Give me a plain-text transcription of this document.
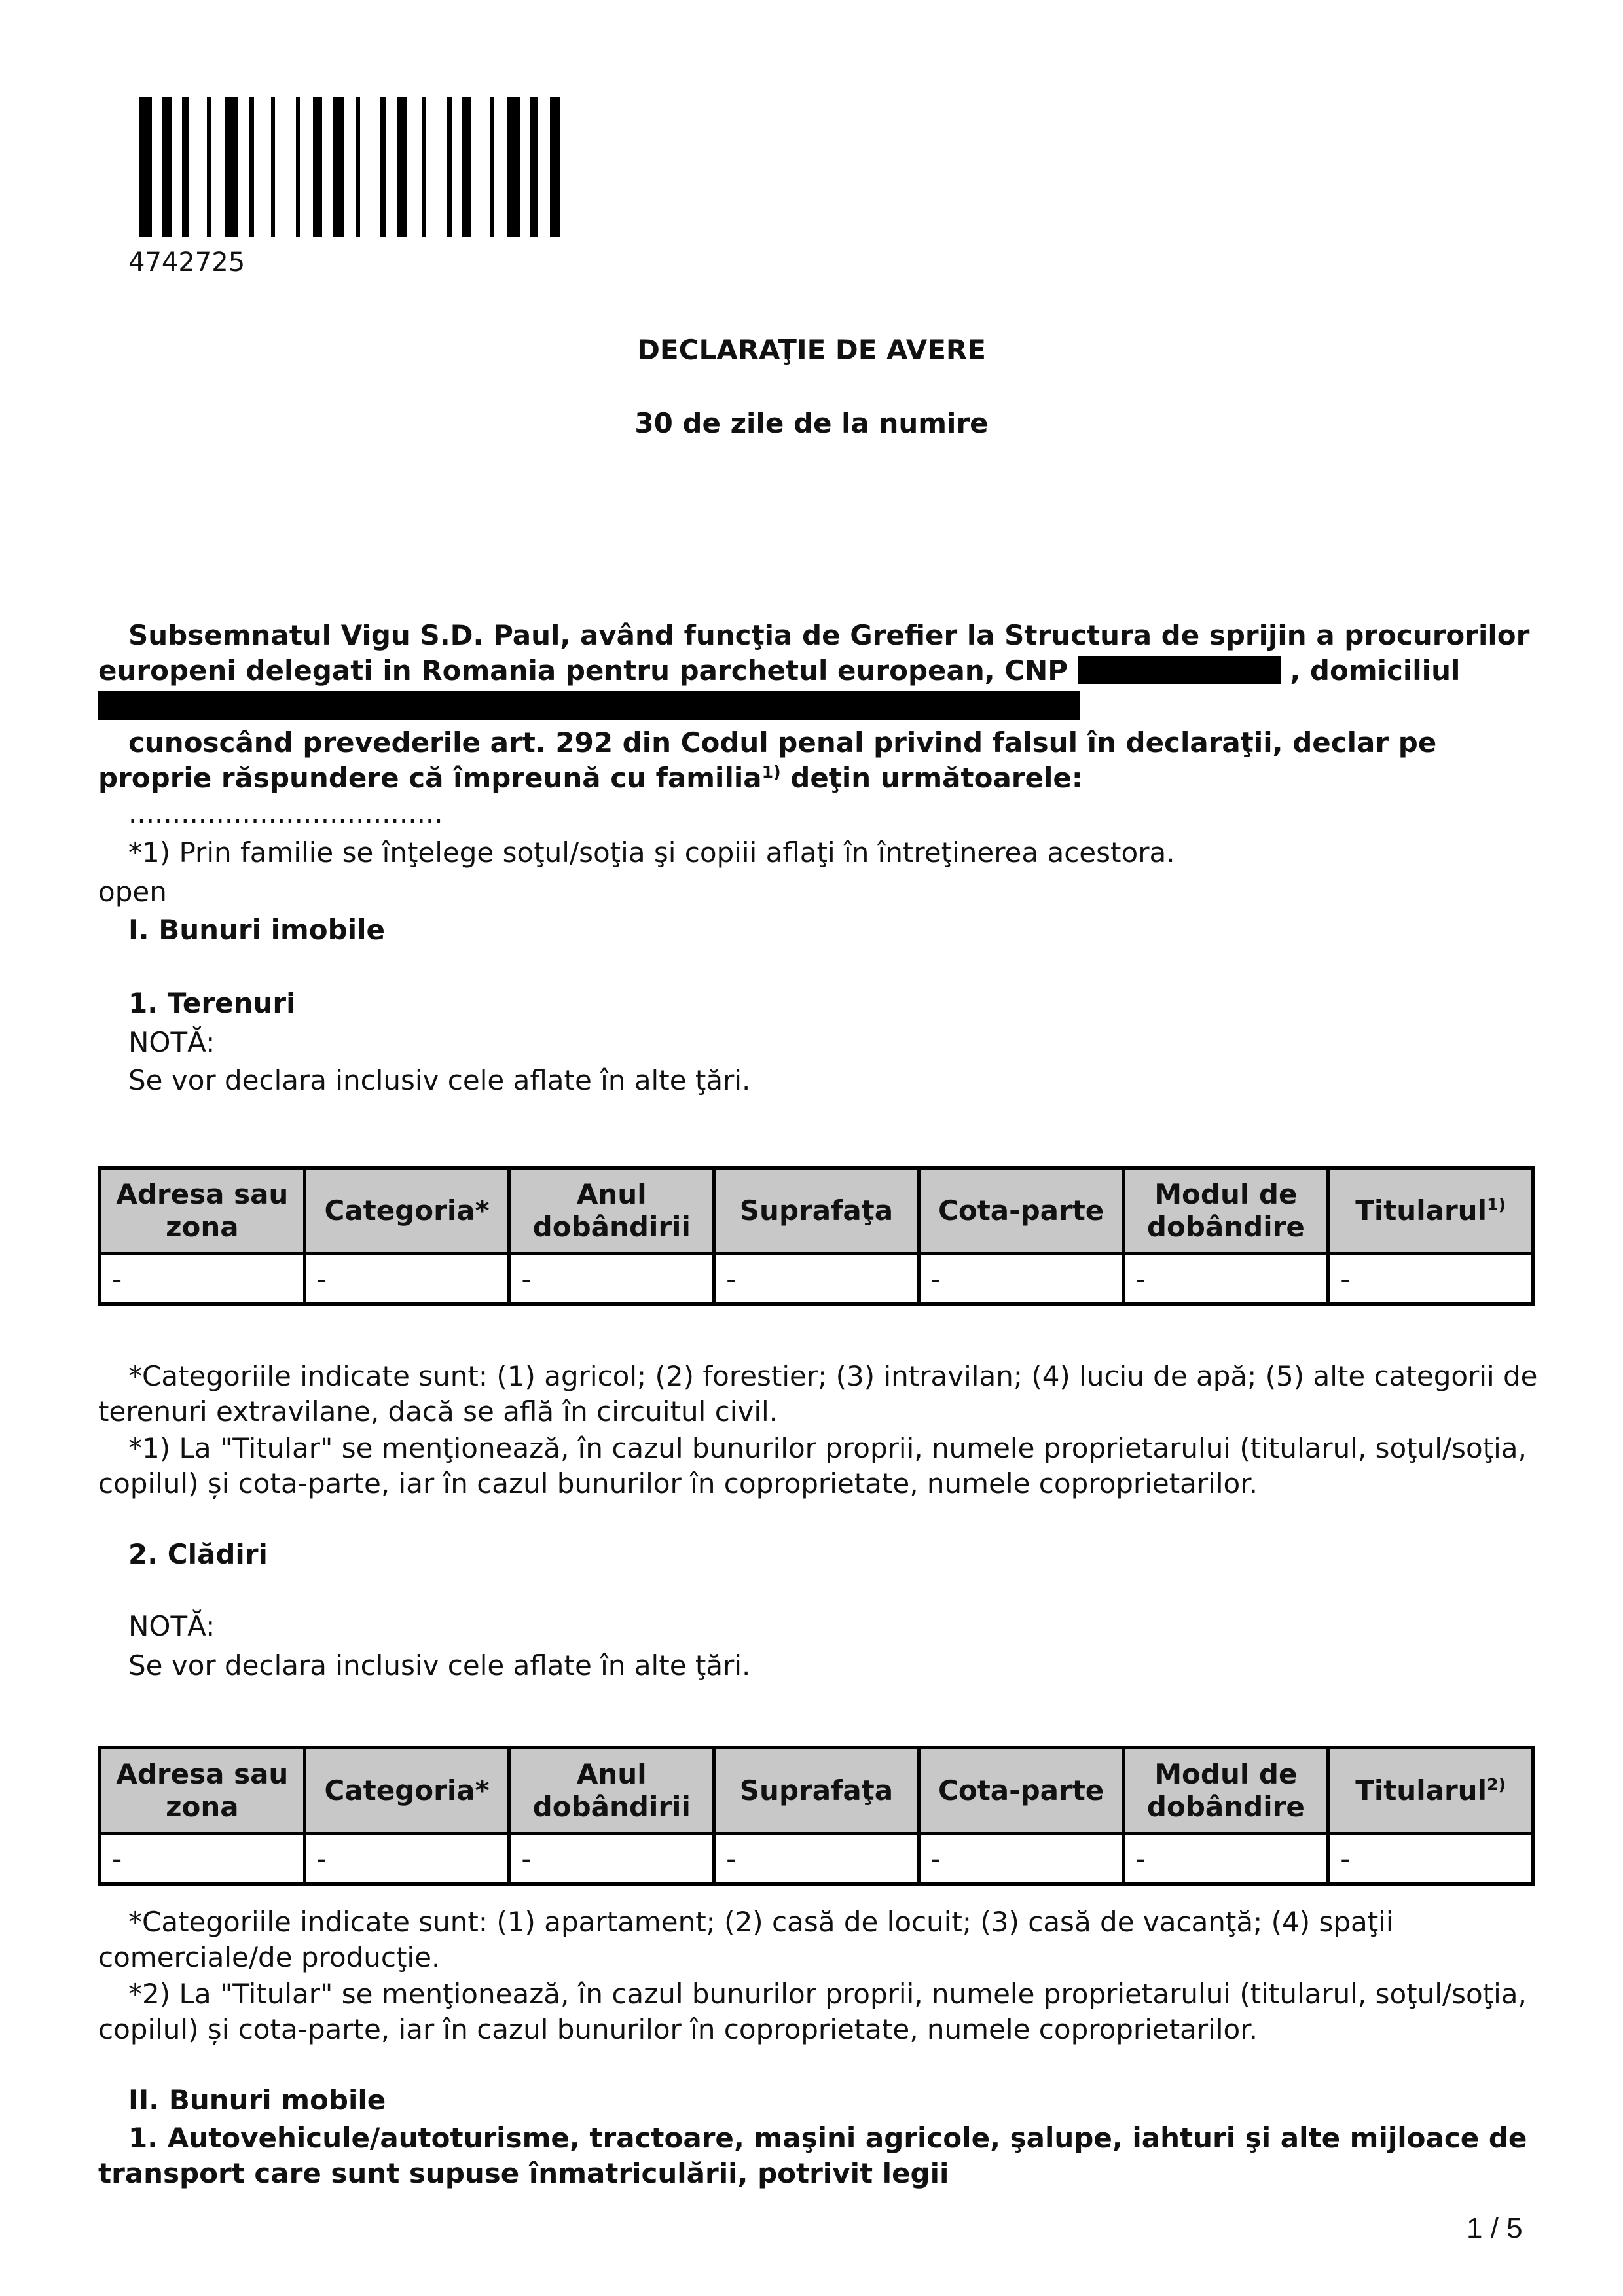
4742725
DECLARAŢIE DE AVERE
30 de zile de la numire
Subsemnatul Vigu S.D. Paul, având funcţia de Grefier la Structura de sprijin a procurorilor europeni delegati in Romania pentru parchetul european, CNP	, domiciliul
cunoscând prevederile art. 292 din Codul penal privind falsul în declaraţii, declar pe proprie răspundere că împreună cu familia$^{1)}$ deţin următoarele:
....................................
*1) Prin familie se înţelege soţul/soţia şi copiii aflaţi în întreţinerea acestora.
open
I. Bunuri imobile
1. Terenuri
NOTĂ:
Se vor declara inclusiv cele aflate în alte ţări.
Adresa sau zona	Categoria*	Anul dobândirii	Suprafaţa	Cota-parte	Modul de dobândire	Titularul$^{1)}$
-	-	-	-	-	-	-
*Categoriile indicate sunt: (1) agricol; (2) forestier; (3) intravilan; (4) luciu de apă; (5) alte categorii de terenuri extravilane, dacă se află în circuitul civil.
*1) La "Titular" se menţionează, în cazul bunurilor proprii, numele proprietarului (titularul, soţul/soţia, copilul) și cota-parte, iar în cazul bunurilor în coproprietate, numele coproprietarilor.
2. Clădiri
NOTĂ:
Se vor declara inclusiv cele aflate în alte ţări.
Adresa sau zona	Categoria*	Anul dobândirii	Suprafaţa	Cota-parte	Modul de dobândire	Titularul$^{2)}$
-	-	-	-	-	-	-
*Categoriile indicate sunt: (1) apartament; (2) casă de locuit; (3) casă de vacanţă; (4) spaţii comerciale/de producţie.
*2) La "Titular" se menţionează, în cazul bunurilor proprii, numele proprietarului (titularul, soţul/soţia, copilul) și cota-parte, iar în cazul bunurilor în coproprietate, numele coproprietarilor.
II. Bunuri mobile
1. Autovehicule/autoturisme, tractoare, maşini agricole, şalupe, iahturi şi alte mijloace de transport care sunt supuse înmatriculării, potrivit legii
1 / 5
